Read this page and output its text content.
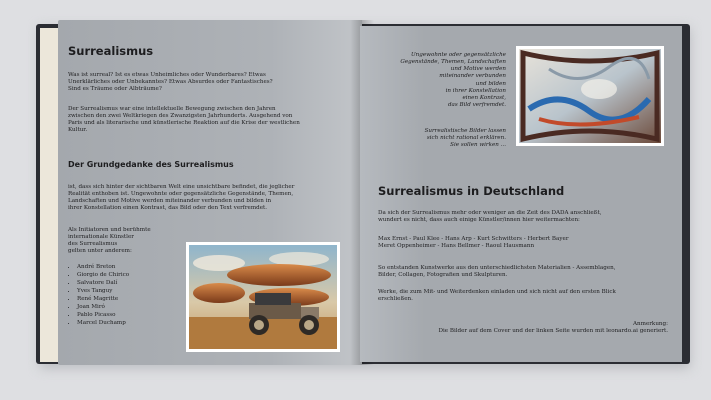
Surrealismus
Was ist surreal? Ist es etwas Unheimliches oder Wunderbares? Etwas
Unerklärliches oder Unbekanntes? Etwas Absurdes oder Fantastisches?
Sind es Träume oder Albträume?
Der Surrealismus war eine intellektuelle Bewegung zwischen den Jahren
zwischen den zwei Weltkriegen des Zwanzigsten Jahrhunderts. Ausgehend von
Paris und als literarische und künstlerische Reaktion auf die Krise der westlichen
Kultur.
Der Grundgedanke des Surrealismus
ist, dass sich hinter der sichtbaren Welt eine unsichtbare befindet, die jeglicher
Realität enthoben ist. Ungewohnte oder gegensätzliche Gegenstände, Themen,
Landschaften und Motive werden miteinander verbunden und bilden in
ihrer Konstellation einen Kontrast, das Bild oder den Text verfremdet.
Als Initiatoren und berühmte
internationale Künstler
des Surrealismus
gelten unter anderem:
• André Breton
• Giorgio de Chirico
• Salvatore Dalí
• Yves Tanguy
• René Magritte
• Joan Miró
• Pablo Picasso
• Marcel Duchamp
Ungewohnte oder gegensätzliche
Gegenstände, Themen, Landschaften
und Motive werden
miteinander verbunden
und bilden
in ihrer Konstellation
einen Kontrast,
das Bild verfremdet.
Surrealistische Bilder lassen
sich nicht rational erklären.
Sie sollen wirken ...
Surrealismus in Deutschland
Da sich der Surrealismus mehr oder weniger an die Zeit des DADA anschließt,
wundert es nicht, dass auch einige Künstler/innen hier weitermachten:
Max Ernst - Paul Klee - Hans Arp - Kurt Schwitters - Herbert Bayer
Meret Oppenheimer - Hans Bellmer - Raoul Hausmann
So entstanden Kunstwerke aus den unterschiedlichsten Materialien - Assemblagen,
Bilder, Collagen, Fotografien und Skulpturen.
Werke, die zum Mit- und Weiterdenken einladen und sich nicht auf den ersten Blick
erschließen.
Anmerkung:
Die Bilder auf dem Cover und der linken Seite wurden mit leonardo.ai generiert.
